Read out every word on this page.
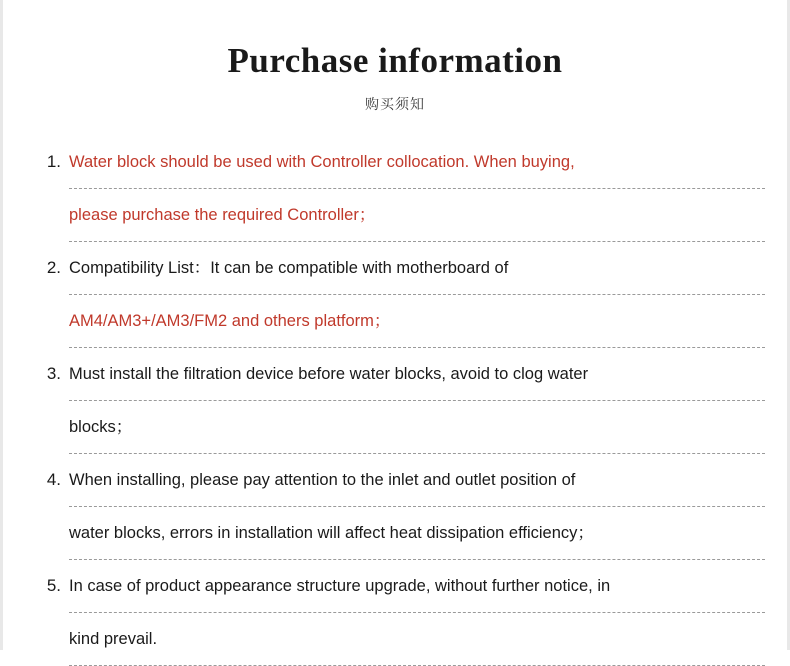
Purchase information
购买须知
1. Water block should be used with Controller collocation. When buying,
please purchase the required Controller；
2. Compatibility List：It can be compatible with motherboard of
AM4/AM3+/AM3/FM2 and others platform；
3. Must install the filtration device before water blocks, avoid to clog water
blocks；
4. When installing, please pay attention to the inlet and outlet position of
water blocks, errors in installation will affect heat dissipation efficiency；
5. In case of product appearance structure upgrade, without further notice, in
kind prevail.
